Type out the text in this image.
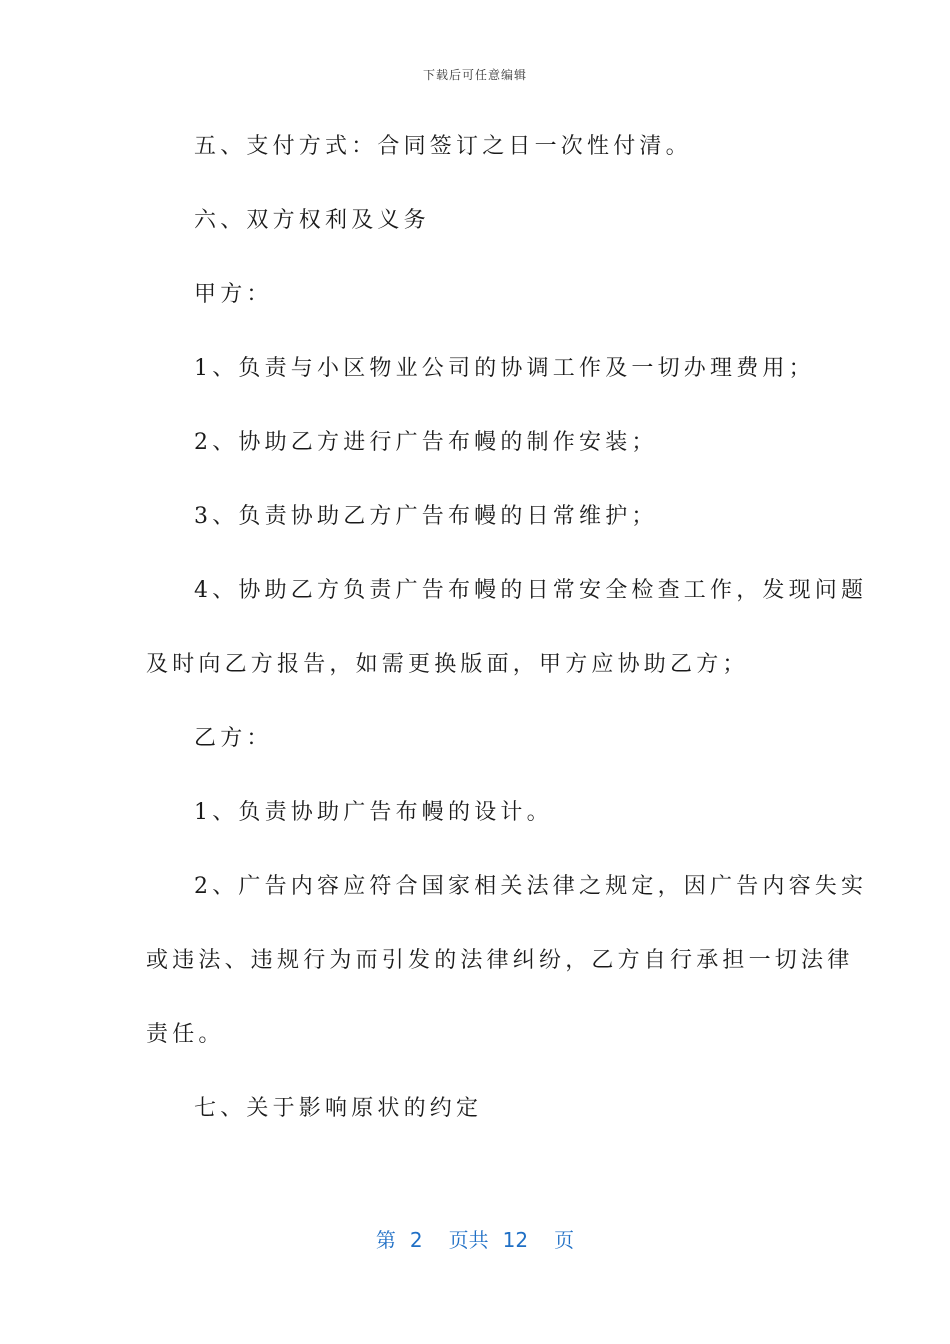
下载后可任意编辑
五、支付方式：合同签订之日一次性付清。
六、双方权利及义务
甲方：
1、负责与小区物业公司的协调工作及一切办理费用；
2、协助乙方进行广告布幔的制作安装；
3、负责协助乙方广告布幔的日常维护；
4、协助乙方负责广告布幔的日常安全检查工作，发现问题
及时向乙方报告，如需更换版面，甲方应协助乙方；
乙方：
1、负责协助广告布幔的设计。
2、广告内容应符合国家相关法律之规定，因广告内容失实
或违法、违规行为而引发的法律纠纷，乙方自行承担一切法律
责任。
七、关于影响原状的约定
第 2 页共 12 页
